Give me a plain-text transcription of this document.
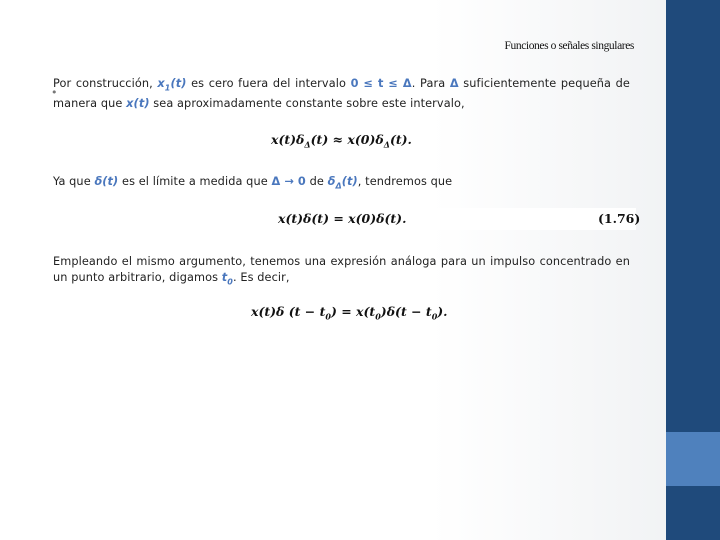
Funciones o señales singulares
•
Por construcción, $x_1(t)$ es cero fuera del intervalo 0 ≤ t ≤ Δ. Para Δ suficientemente pequeña de manera que x(t) sea aproximadamente constante sobre este intervalo,
$x(t)\delta_\Delta(t) \approx x(0)\delta_\Delta(t)$.
Ya que δ(t) es el límite a medida que Δ → 0 de $\delta_\Delta(t)$, tendremos que
x(t)δ(t) = x(0)δ(t).	(1.76)
Empleando el mismo argumento, tenemos una expresión análoga para un impulso concentrado en un punto arbitrario, digamos $t_0$. Es decir,
x(t)δ $(t - t_0) = x(t_0)\delta(t - t_0)$.
